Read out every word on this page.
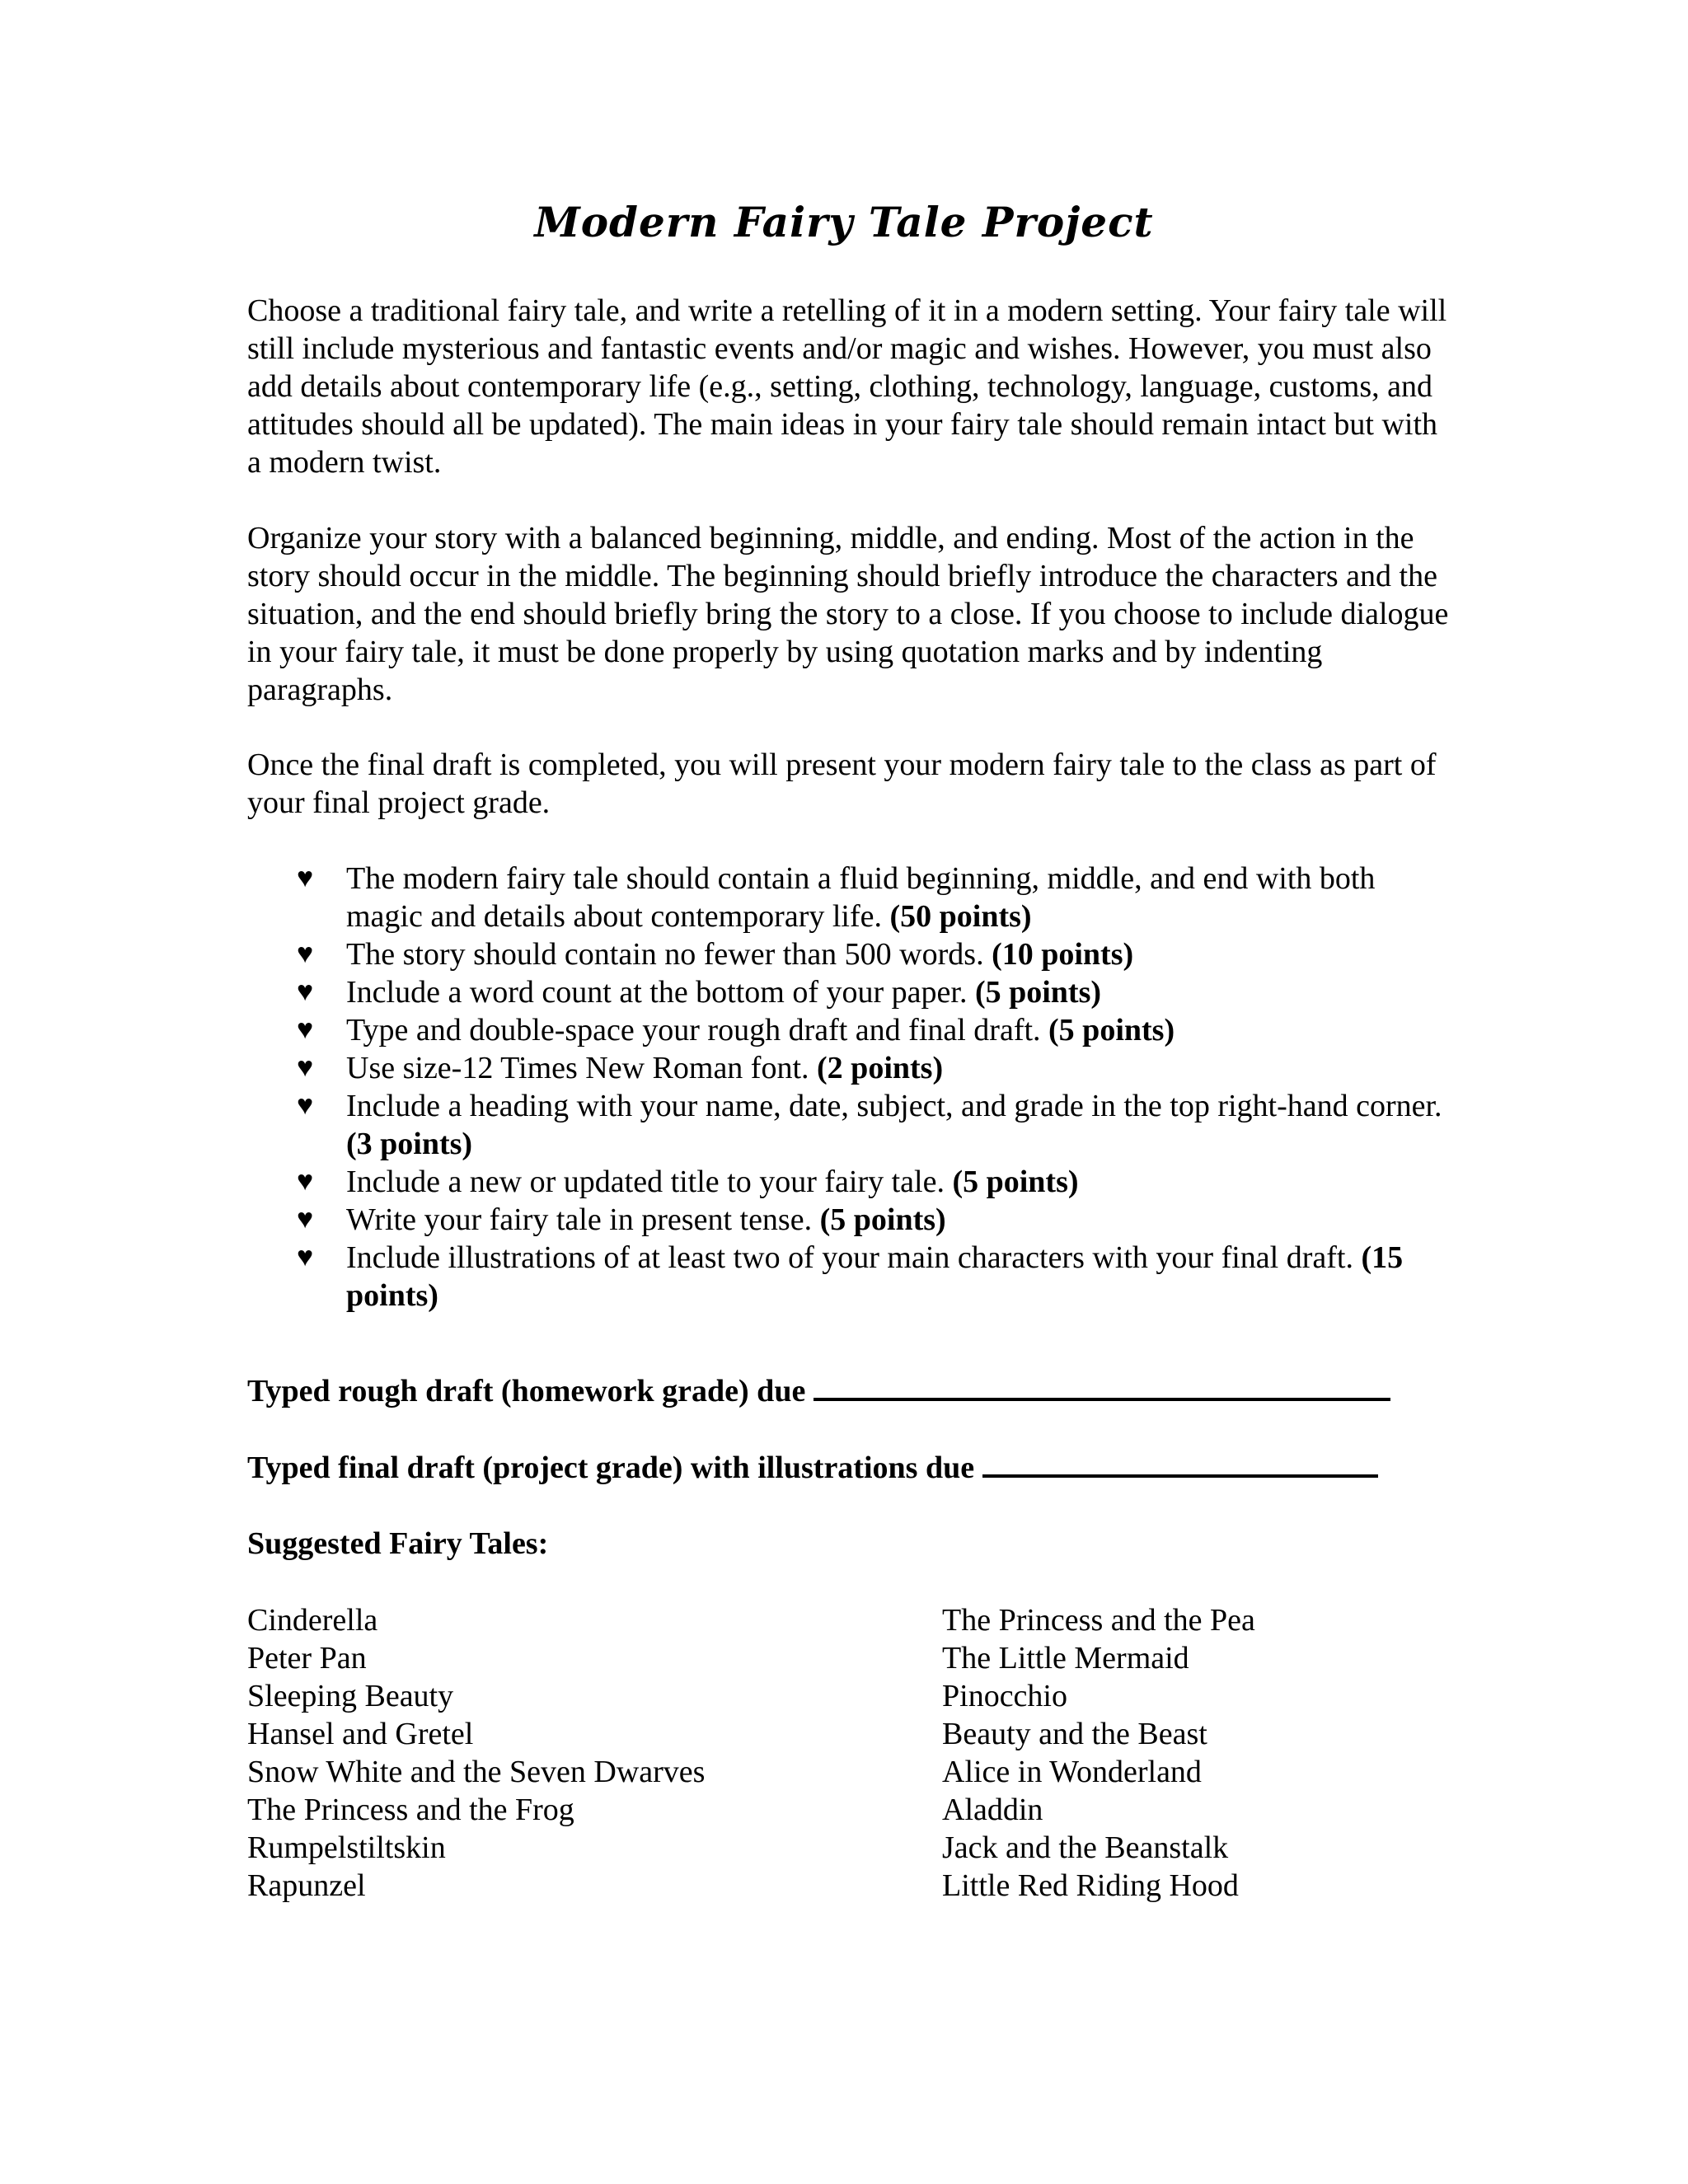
Modern Fairy Tale Project

Choose a traditional fairy tale, and write a retelling of it in a modern setting. Your fairy tale will still include mysterious and fantastic events and/or magic and wishes. However, you must also add details about contemporary life (e.g., setting, clothing, technology, language, customs, and attitudes should all be updated). The main ideas in your fairy tale should remain intact but with a modern twist.

Organize your story with a balanced beginning, middle, and ending. Most of the action in the story should occur in the middle. The beginning should briefly introduce the characters and the situation, and the end should briefly bring the story to a close. If you choose to include dialogue in your fairy tale, it must be done properly by using quotation marks and by indenting paragraphs.

Once the final draft is completed, you will present your modern fairy tale to the class as part of your final project grade.

♥ The modern fairy tale should contain a fluid beginning, middle, and end with both magic and details about contemporary life. (50 points)
♥ The story should contain no fewer than 500 words. (10 points)
♥ Include a word count at the bottom of your paper. (5 points)
♥ Type and double-space your rough draft and final draft. (5 points)
♥ Use size-12 Times New Roman font. (2 points)
♥ Include a heading with your name, date, subject, and grade in the top right-hand corner. (3 points)
♥ Include a new or updated title to your fairy tale. (5 points)
♥ Write your fairy tale in present tense. (5 points)
♥ Include illustrations of at least two of your main characters with your final draft. (15 points)
Typed rough draft (homework grade) due
Typed final draft (project grade) with illustrations due

Suggested Fairy Tales:

Cinderella
Peter Pan
Sleeping Beauty
Hansel and Gretel
Snow White and the Seven Dwarves
The Princess and the Frog
Rumpelstiltskin
Rapunzel
The Princess and the Pea
The Little Mermaid
Pinocchio
Beauty and the Beast
Alice in Wonderland
Aladdin
Jack and the Beanstalk
Little Red Riding Hood
